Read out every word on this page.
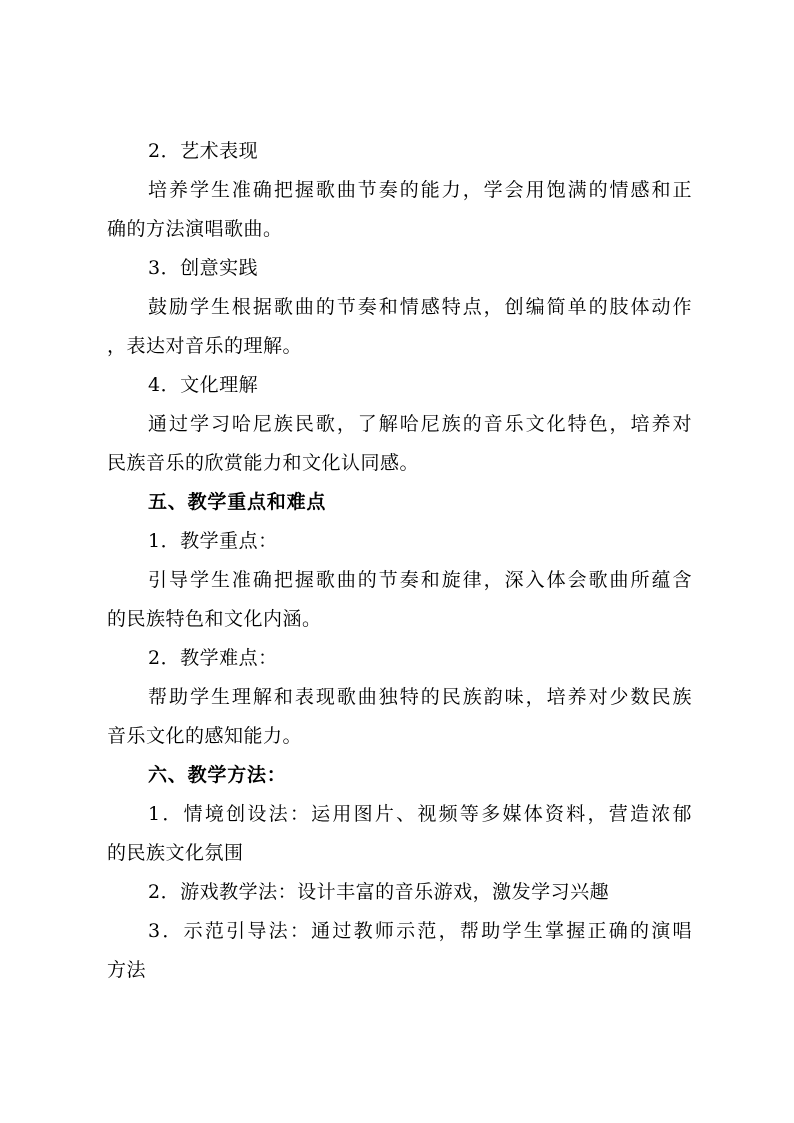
2．艺术表现
培养学生准确把握歌曲节奏的能力，学会用饱满的情感和正
确的方法演唱歌曲。
3．创意实践
鼓励学生根据歌曲的节奏和情感特点，创编简单的肢体动作
，表达对音乐的理解。
4．文化理解
通过学习哈尼族民歌，了解哈尼族的音乐文化特色，培养对
民族音乐的欣赏能力和文化认同感。
五、教学重点和难点
1．教学重点：
引导学生准确把握歌曲的节奏和旋律，深入体会歌曲所蕴含
的民族特色和文化内涵。
2．教学难点：
帮助学生理解和表现歌曲独特的民族韵味，培养对少数民族
音乐文化的感知能力。
六、教学方法：
1．情境创设法：运用图片、视频等多媒体资料，营造浓郁
的民族文化氛围
2．游戏教学法：设计丰富的音乐游戏，激发学习兴趣
3．示范引导法：通过教师示范，帮助学生掌握正确的演唱
方法
